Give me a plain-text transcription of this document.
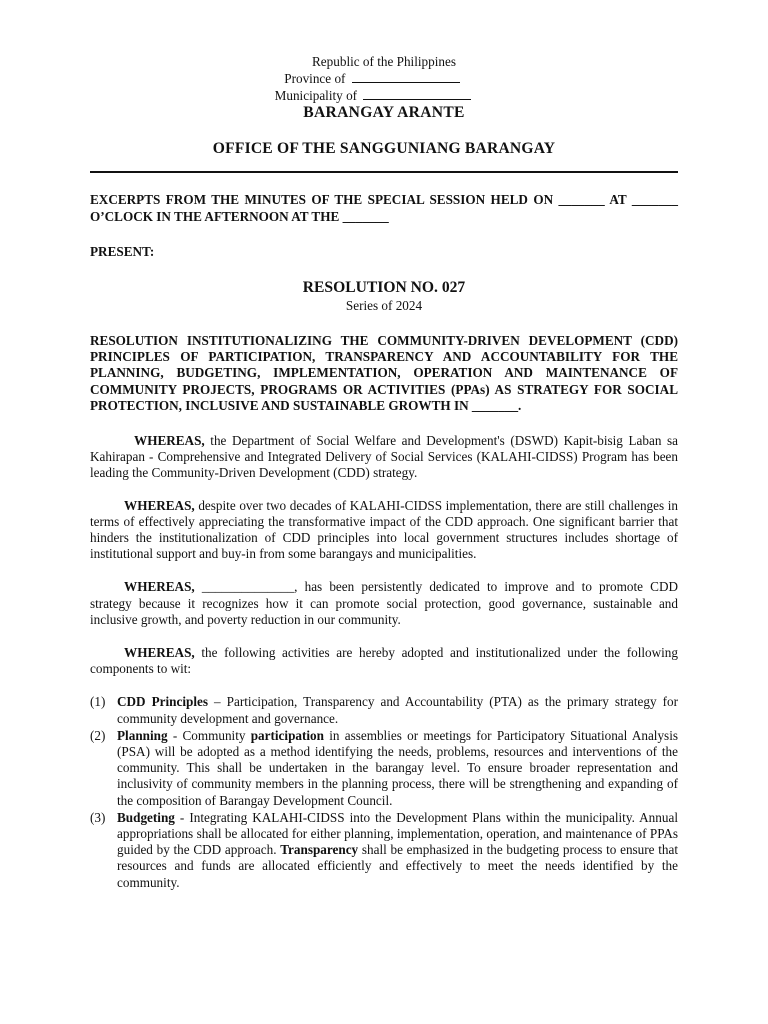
Republic of the Philippines
Province of
Municipality of
BARANGAY ARANTE
OFFICE OF THE SANGGUNIANG BARANGAY
EXCERPTS FROM THE MINUTES OF THE SPECIAL SESSION HELD ON _______ AT _______ O’CLOCK IN THE AFTERNOON AT THE _______
PRESENT:
RESOLUTION NO. 027
Series of 2024
RESOLUTION INSTITUTIONALIZING THE COMMUNITY-DRIVEN DEVELOPMENT (CDD) PRINCIPLES OF PARTICIPATION, TRANSPARENCY AND ACCOUNTABILITY FOR THE PLANNING, BUDGETING, IMPLEMENTATION, OPERATION AND MAINTENANCE OF COMMUNITY PROJECTS, PROGRAMS OR ACTIVITIES (PPAs) AS STRATEGY FOR SOCIAL PROTECTION, INCLUSIVE AND SUSTAINABLE GROWTH IN _______.
WHEREAS, the Department of Social Welfare and Development's (DSWD) Kapit-bisig Laban sa Kahirapan - Comprehensive and Integrated Delivery of Social Services (KALAHI-CIDSS) Program has been leading the Community-Driven Development (CDD) strategy.
WHEREAS, despite over two decades of KALAHI-CIDSS implementation, there are still challenges in terms of effectively appreciating the transformative impact of the CDD approach. One significant barrier that hinders the institutionalization of CDD principles into local government structures includes shortage of institutional support and buy-in from some barangays and municipalities.
WHEREAS, ______________, has been persistently dedicated to improve and to promote CDD strategy because it recognizes how it can promote social protection, good governance, sustainable and inclusive growth, and poverty reduction in our community.
WHEREAS, the following activities are hereby adopted and institutionalized under the following components to wit:
(1) CDD Principles – Participation, Transparency and Accountability (PTA) as the primary strategy for community development and governance.
(2) Planning - Community participation in assemblies or meetings for Participatory Situational Analysis (PSA) will be adopted as a method identifying the needs, problems, resources and interventions of the community. This shall be undertaken in the barangay level. To ensure broader representation and inclusivity of community members in the planning process, there will be strengthening and expanding of the composition of Barangay Development Council.
(3) Budgeting - Integrating KALAHI-CIDSS into the Development Plans within the municipality. Annual appropriations shall be allocated for either planning, implementation, operation, and maintenance of PPAs guided by the CDD approach. Transparency shall be emphasized in the budgeting process to ensure that resources and funds are allocated efficiently and effectively to meet the needs identified by the community.
